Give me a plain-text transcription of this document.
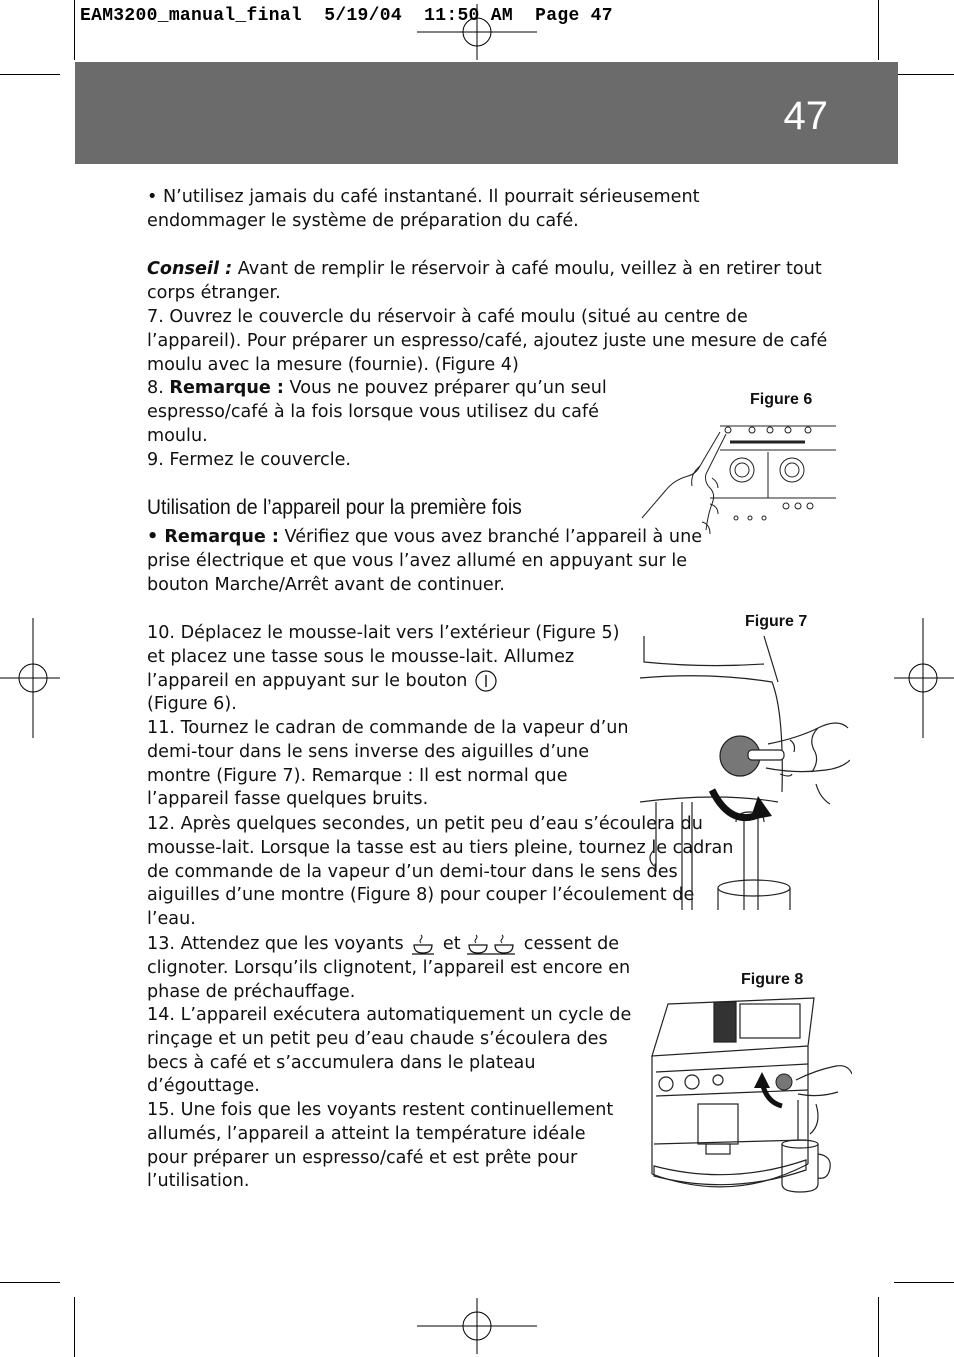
EAM3200_manual_final  5/19/04  11:50 AM  Page 47
47

• N’utilisez jamais du café instantané. Il pourrait sérieusement endommager le système de préparation du café.

Conseil : Avant de remplir le réservoir à café moulu, veillez à en retirer tout corps étranger.

7. Ouvrez le couvercle du réservoir à café moulu (situé au centre de l’appareil). Pour préparer un espresso/café, ajoutez juste une mesure de café moulu avec la mesure (fournie). (Figure 4)

8. Remarque : Vous ne pouvez préparer qu’un seul espresso/café à la fois lorsque vous utilisez du café moulu.

9. Fermez le couvercle.

Utilisation de l’appareil pour la première fois

• Remarque : Vérifiez que vous avez branché l’appareil à une prise électrique et que vous l’avez allumé en appuyant sur le bouton Marche/Arrêt avant de continuer.

10. Déplacez le mousse-lait vers l’extérieur (Figure 5) et placez une tasse sous le mousse-lait. Allumez l’appareil en appuyant sur le bouton
(Figure 6).

11. Tournez le cadran de commande de la vapeur d’un demi-tour dans le sens inverse des aiguilles d’une montre (Figure 7). Remarque : Il est normal que l’appareil fasse quelques bruits.

12. Après quelques secondes, un petit peu d’eau s’écoulera du mousse-lait. Lorsque la tasse est au tiers pleine, tournez le cadran de commande de la vapeur d’un demi-tour dans le sens des aiguilles d’une montre (Figure 8) pour couper l’écoulement de l’eau.

13. Attendez que les voyants et	cessent de clignoter. Lorsqu’ils clignotent, l’appareil est encore en phase de préchauffage.

14. L’appareil exécutera automatiquement un cycle de rinçage et un petit peu d’eau chaude s’écoulera des becs à café et s’accumulera dans le plateau d’égouttage.

15. Une fois que les voyants restent continuellement allumés, l’appareil a atteint la température idéale pour préparer un espresso/café et est prête pour l’utilisation.

Figure 6
Figure 7
Figure 8
